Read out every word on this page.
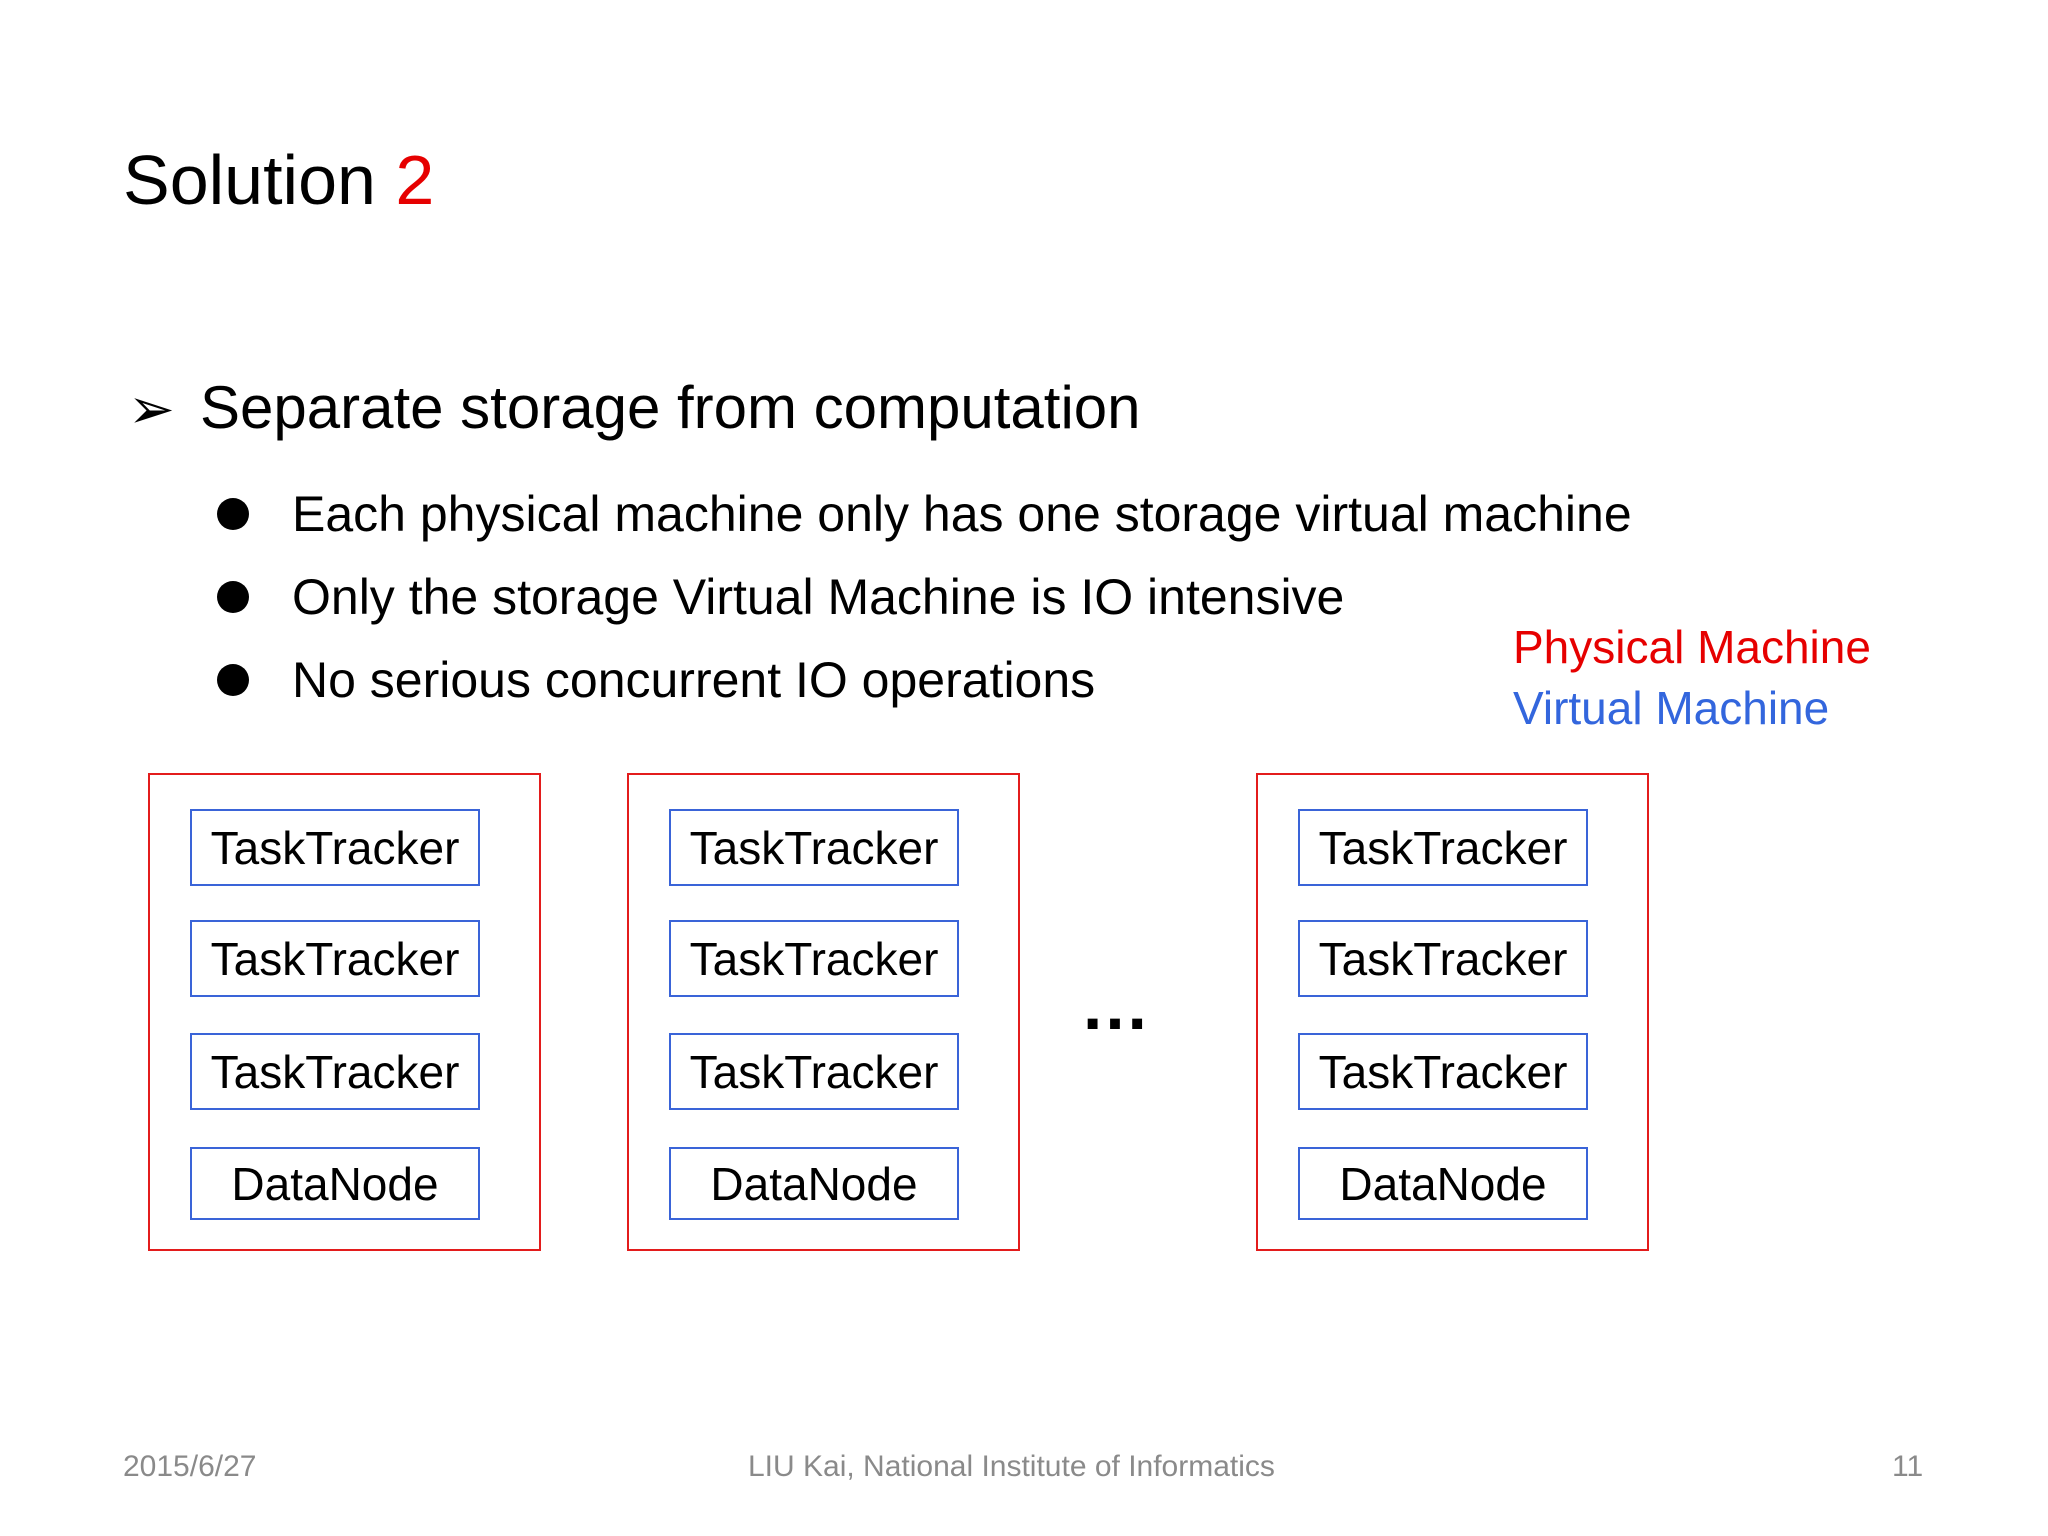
Solution 2
➢ Separate storage from computation
Each physical machine only has one storage virtual machine
Only the storage Virtual Machine is IO intensive
No serious concurrent IO operations
Physical Machine
Virtual Machine
TaskTracker
TaskTracker
TaskTracker
DataNode
TaskTracker
TaskTracker
TaskTracker
DataNode
…
TaskTracker
TaskTracker
TaskTracker
DataNode
2015/6/27	LIU Kai, National Institute of Informatics	11
